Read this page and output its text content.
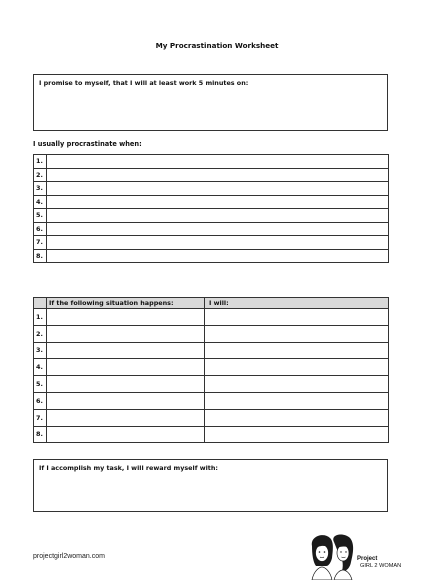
My Procrastination Worksheet
I promise to myself, that I will at least work 5 minutes on:
I usually procrastinate when:
1.	
2.	
3.	
4.	
5.	
6.	
7.	
8.	
	If the following situation happens:	I will:
1.		
2.		
3.		
4.		
5.		
6.		
7.		
8.		
If I accomplish my task, I will reward myself with:
projectgirl2woman.com	Project
GIRL 2 WOMAN
